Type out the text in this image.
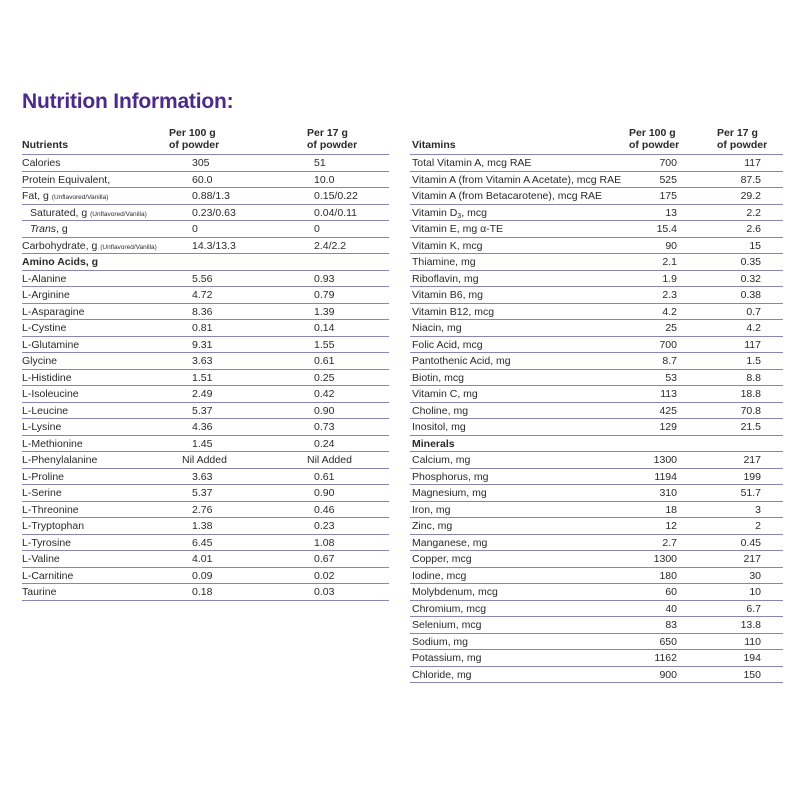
Nutrition Information:
Nutrients
Per 100 g
of powder
Per 17 g
of powder
Calories	305	51
Protein Equivalent,	60.0	10.0
Fat, g (Unflavored/Vanilla)	0.88/1.3	0.15/0.22
Saturated, g (Unflavored/Vanilla)	0.23/0.63	0.04/0.11
Trans, g	0	0
Carbohydrate, g (Unflavored/Vanilla)	14.3/13.3	2.4/2.2
Amino Acids, g
L-Alanine	5.56	0.93
L-Arginine	4.72	0.79
L-Asparagine	8.36	1.39
L-Cystine	0.81	0.14
L-Glutamine	9.31	1.55
Glycine	3.63	0.61
L-Histidine	1.51	0.25
L-Isoleucine	2.49	0.42
L-Leucine	5.37	0.90
L-Lysine	4.36	0.73
L-Methionine	1.45	0.24
L-Phenylalanine	Nil Added	Nil Added
L-Proline	3.63	0.61
L-Serine	5.37	0.90
L-Threonine	2.76	0.46
L-Tryptophan	1.38	0.23
L-Tyrosine	6.45	1.08
L-Valine	4.01	0.67
L-Carnitine	0.09	0.02
Taurine	0.18	0.03
Vitamins
Per 100 g
of powder
Per 17 g
of powder
Total Vitamin A, mcg RAE	700	117
Vitamin A (from Vitamin A Acetate), mcg RAE	525	87.5
Vitamin A (from Betacarotene), mcg RAE	175	29.2
Vitamin $D_3$, mcg	13	2.2
Vitamin E, mg α-TE	15.4	2.6
Vitamin K, mcg	90	15
Thiamine, mg	2.1	0.35
Riboflavin, mg	1.9	0.32
Vitamin B6, mg	2.3	0.38
Vitamin B12, mcg	4.2	0.7
Niacin, mg	25	4.2
Folic Acid, mcg	700	117
Pantothenic Acid, mg	8.7	1.5
Biotin, mcg	53	8.8
Vitamin C, mg	113	18.8
Choline, mg	425	70.8
Inositol, mg	129	21.5
Minerals
Calcium, mg	1300	217
Phosphorus, mg	1194	199
Magnesium, mg	310	51.7
Iron, mg	18	3
Zinc, mg	12	2
Manganese, mg	2.7	0.45
Copper, mcg	1300	217
Iodine, mcg	180	30
Molybdenum, mcg	60	10
Chromium, mcg	40	6.7
Selenium, mcg	83	13.8
Sodium, mg	650	110
Potassium, mg	1162	194
Chloride, mg	900	150
